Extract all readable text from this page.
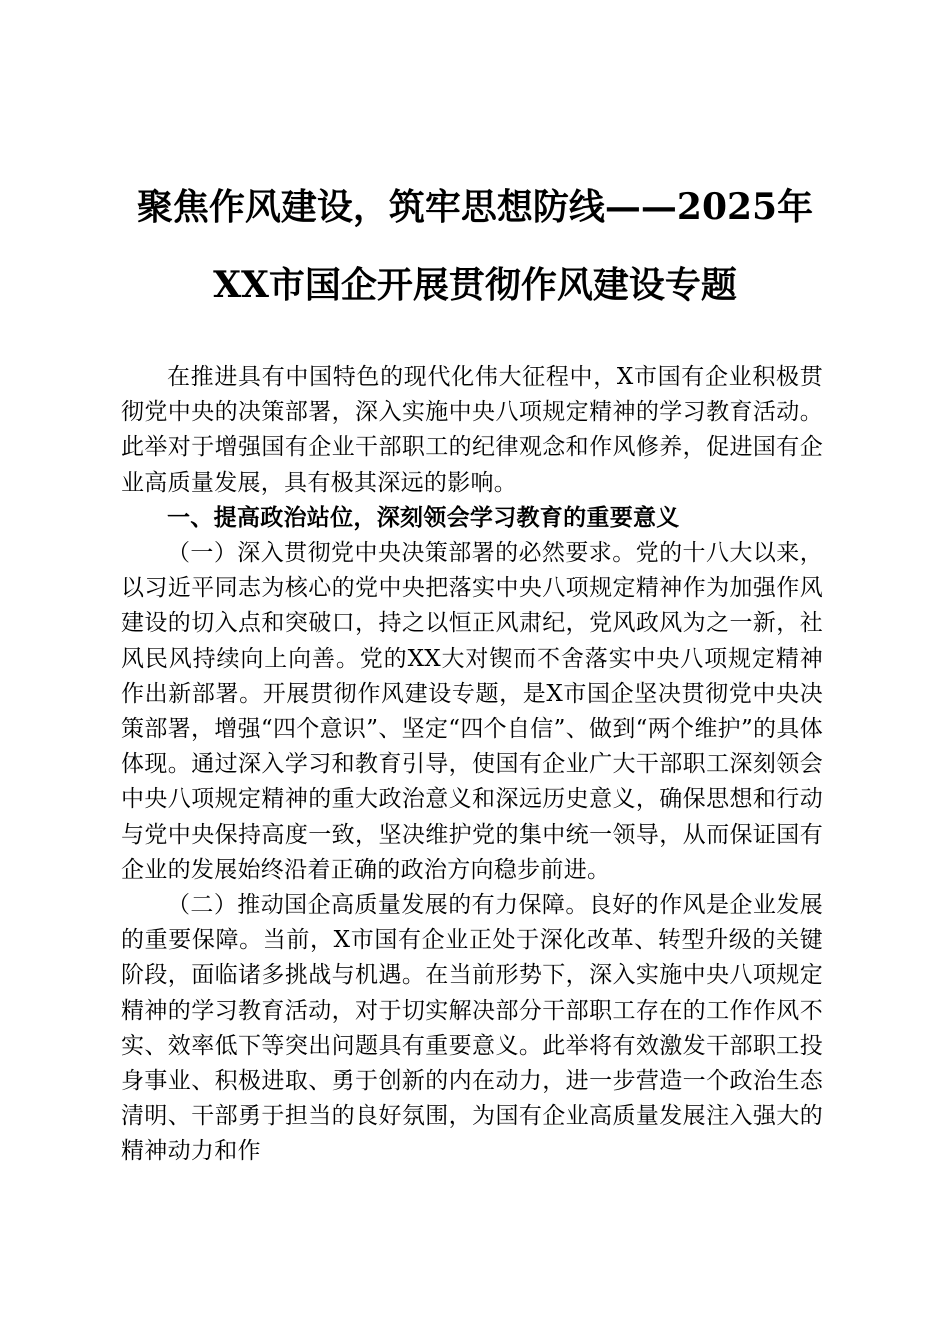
聚焦作风建设，筑牢思想防线——2025年XX市国企开展贯彻作风建设专题

在推进具有中国特色的现代化伟大征程中，X市国有企业积极贯彻党中央的决策部署，深入实施中央八项规定精神的学习教育活动。此举对于增强国有企业干部职工的纪律观念和作风修养，促进国有企业高质量发展，具有极其深远的影响。

一、提高政治站位，深刻领会学习教育的重要意义

（一）深入贯彻党中央决策部署的必然要求。党的十八大以来，以习近平同志为核心的党中央把落实中央八项规定精神作为加强作风建设的切入点和突破口，持之以恒正风肃纪，党风政风为之一新，社风民风持续向上向善。党的XX大对锲而不舍落实中央八项规定精神作出新部署。开展贯彻作风建设专题，是X市国企坚决贯彻党中央决策部署，增强“四个意识”、坚定“四个自信”、做到“两个维护”的具体体现。通过深入学习和教育引导，使国有企业广大干部职工深刻领会中央八项规定精神的重大政治意义和深远历史意义，确保思想和行动与党中央保持高度一致，坚决维护党的集中统一领导，从而保证国有企业的发展始终沿着正确的政治方向稳步前进。

（二）推动国企高质量发展的有力保障。良好的作风是企业发展的重要保障。当前，X市国有企业正处于深化改革、转型升级的关键阶段，面临诸多挑战与机遇。在当前形势下，深入实施中央八项规定精神的学习教育活动，对于切实解决部分干部职工存在的工作作风不实、效率低下等突出问题具有重要意义。此举将有效激发干部职工投身事业、积极进取、勇于创新的内在动力，进一步营造一个政治生态清明、干部勇于担当的良好氛围，为国有企业高质量发展注入强大的精神动力和作
